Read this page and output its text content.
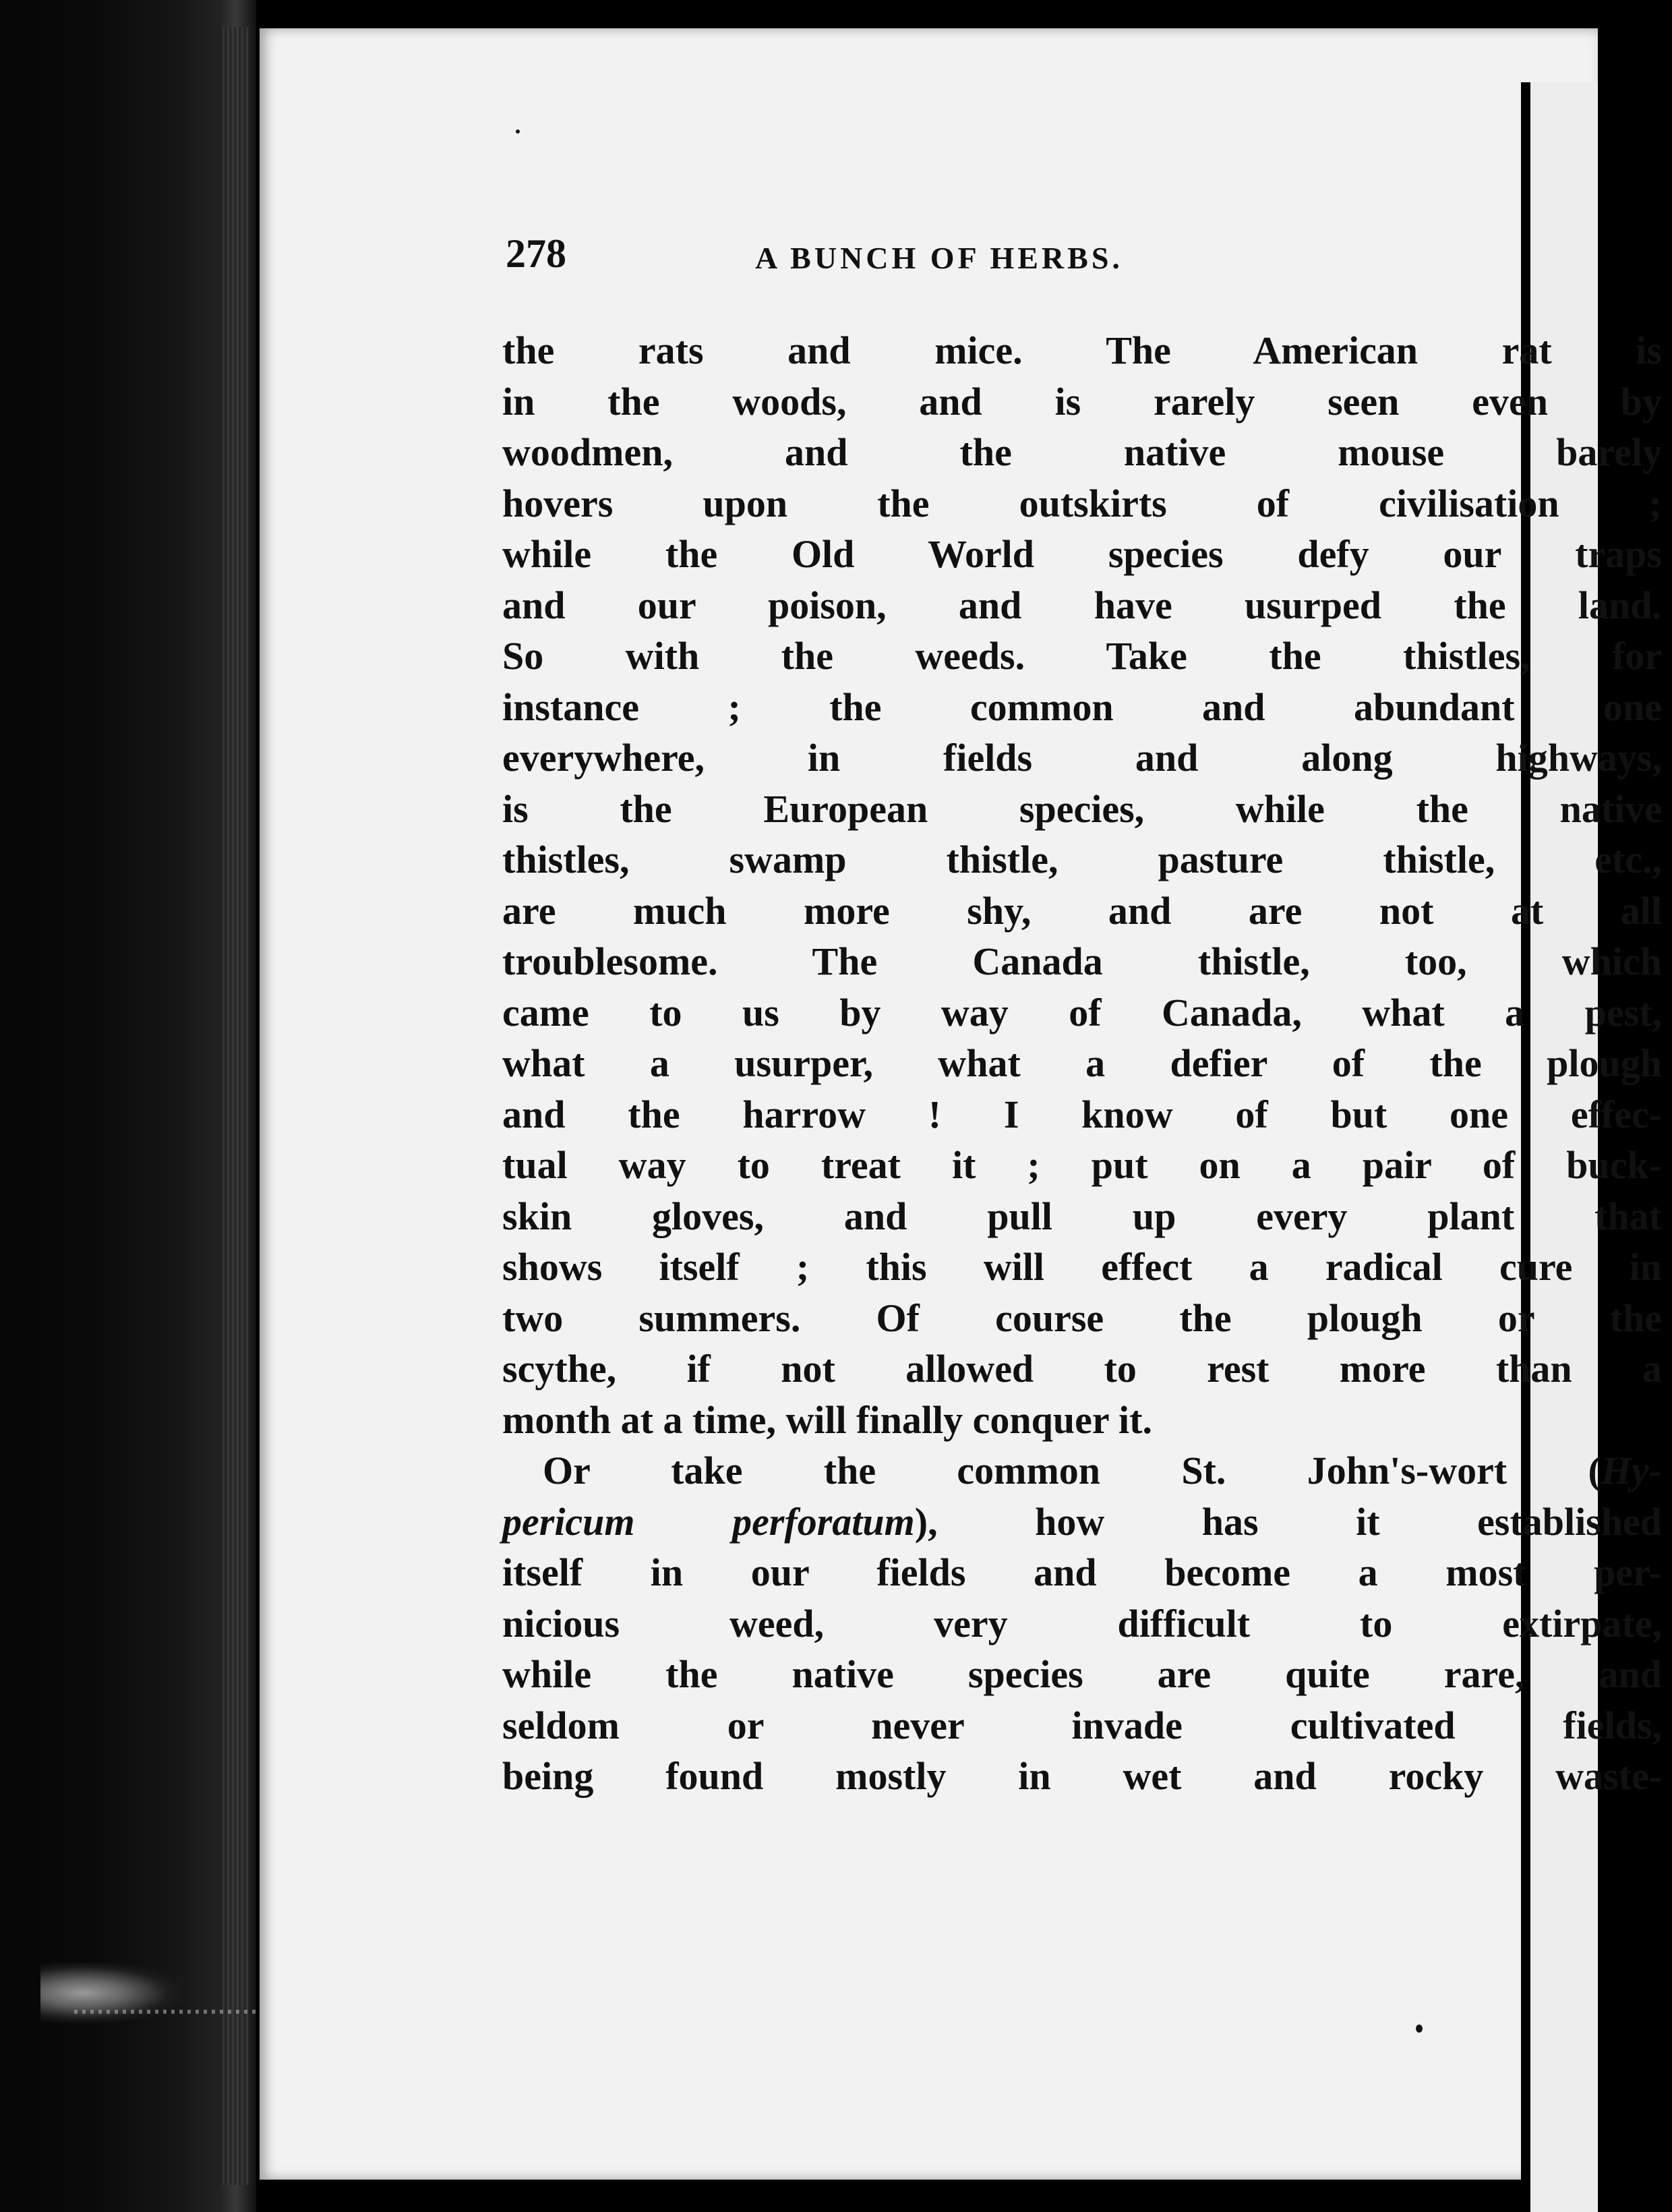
278	A BUNCH OF HERBS.
the rats and mice. The American rat is
in the woods, and is rarely seen even by
woodmen, and the native mouse barely
hovers upon the outskirts of civilisation ;
while the Old World species defy our traps
and our poison, and have usurped the land.
So with the weeds. Take the thistles, for
instance ; the common and abundant one
everywhere, in fields and along highways,
is the European species, while the native
thistles, swamp thistle, pasture thistle, etc.,
are much more shy, and are not at all
troublesome. The Canada thistle, too, which
came to us by way of Canada, what a pest,
what a usurper, what a defier of the plough
and the harrow ! I know of but one effec-
tual way to treat it ; put on a pair of buck-
skin gloves, and pull up every plant that
shows itself ; this will effect a radical cure in
two summers. Of course the plough or the
scythe, if not allowed to rest more than a
month at a time, will finally conquer it.
Or take the common St. John's-wort (Hy-
pericum perforatum), how has it established
itself in our fields and become a most per-
nicious weed, very difficult to extirpate,
while the native species are quite rare, and
seldom or never invade cultivated fields,
being found mostly in wet and rocky waste-
